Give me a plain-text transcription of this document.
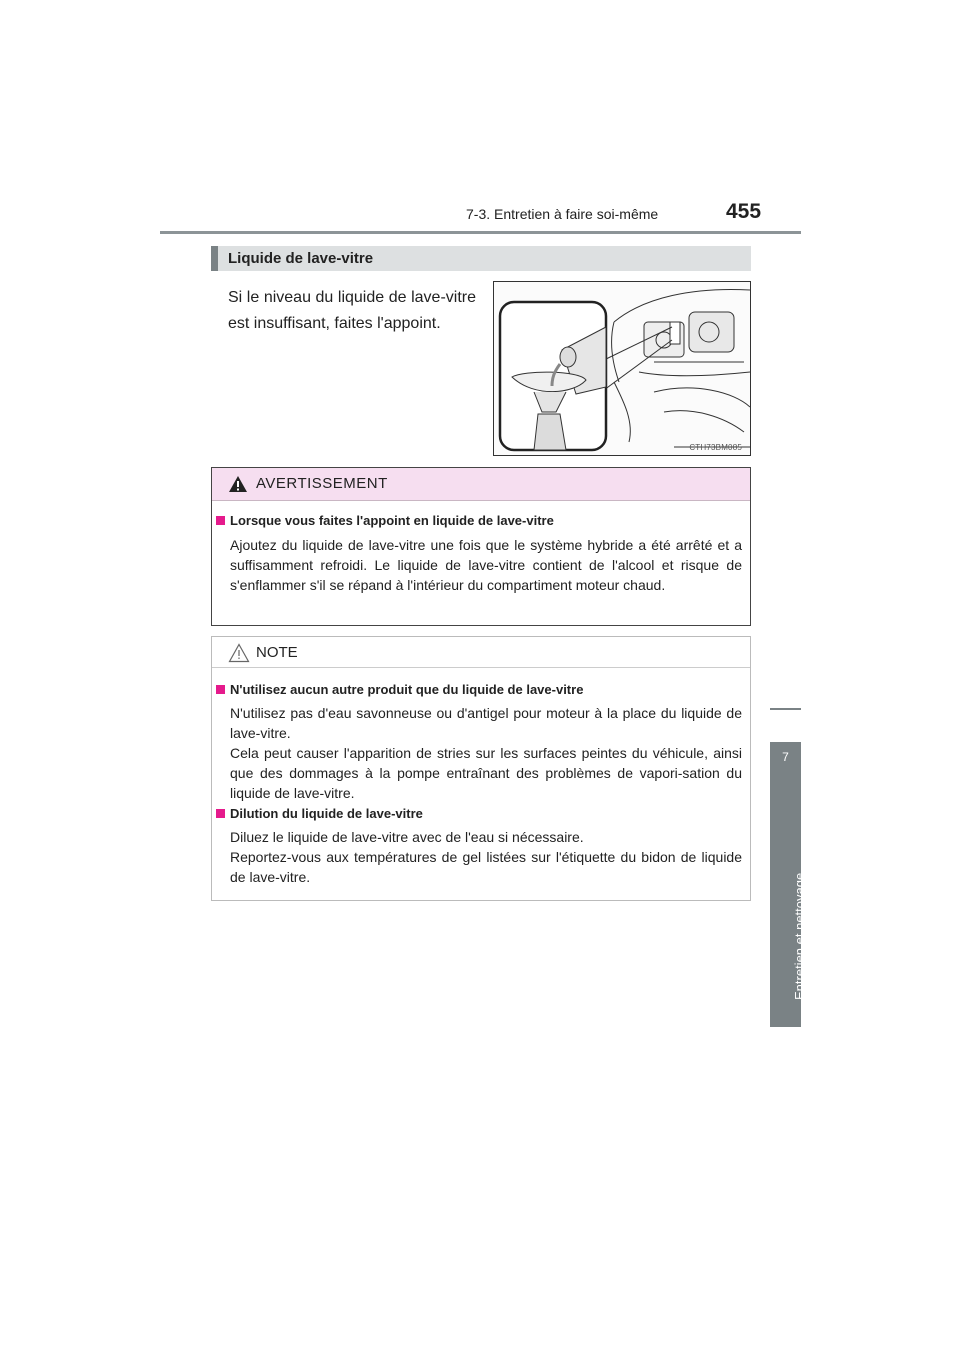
7-3. Entretien à faire soi-même	455
7
Entretien et nettoyage
Liquide de lave-vitre

Si le niveau du liquide de lave-vitre est insuffisant, faites l'appoint.

CTH73BM085
AVERTISSEMENT
Lorsque vous faites l'appoint en liquide de lave-vitre

Ajoutez du liquide de lave-vitre une fois que le système hybride a été arrêté et a suffisamment refroidi. Le liquide de lave-vitre contient de l'alcool et risque de s'enflammer s'il se répand à l'intérieur du compartiment moteur chaud.

NOTE
N'utilisez aucun autre produit que du liquide de lave-vitre

N'utilisez pas d'eau savonneuse ou d'antigel pour moteur à la place du liquide de lave-vitre.

Cela peut causer l'apparition de stries sur les surfaces peintes du véhicule, ainsi que des dommages à la pompe entraînant des problèmes de vapori-sation du liquide de lave-vitre.

Dilution du liquide de lave-vitre

Diluez le liquide de lave-vitre avec de l'eau si nécessaire.

Reportez-vous aux températures de gel listées sur l'étiquette du bidon de liquide de lave-vitre.
